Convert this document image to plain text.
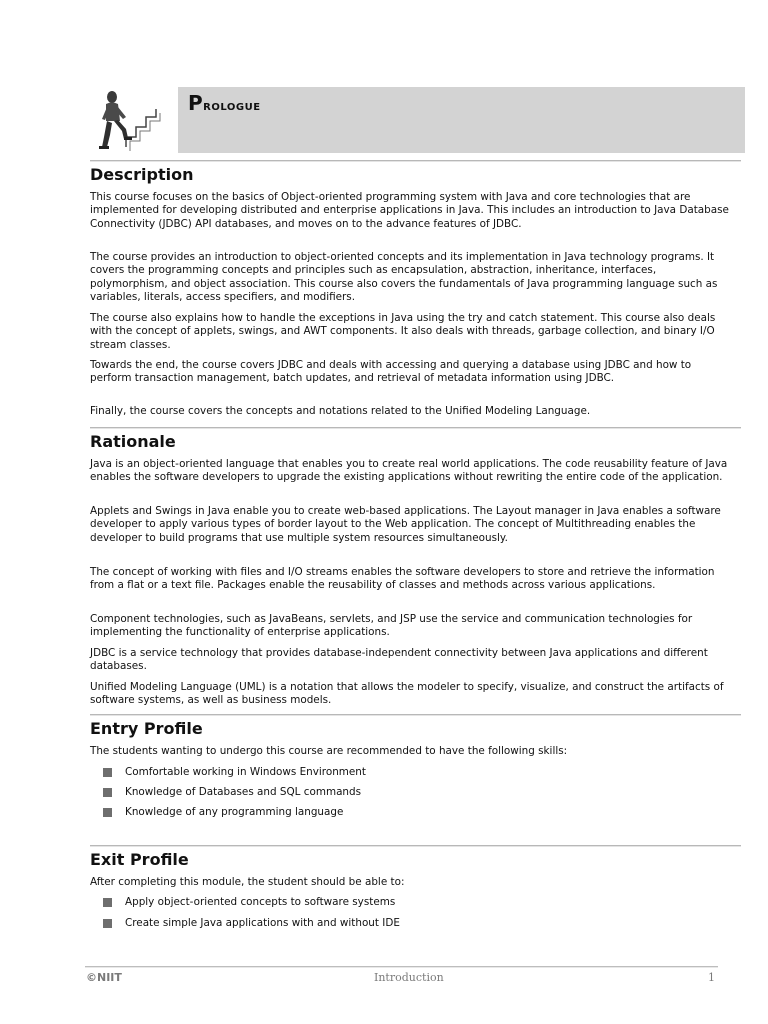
Prologue
Description

This course focuses on the basics of Object-oriented programming system with Java and core technologies that are implemented for developing distributed and enterprise applications in Java. This includes an introduction to Java Database Connectivity (JDBC) API databases, and moves on to the advance features of JDBC.

The course provides an introduction to object-oriented concepts and its implementation in Java technology programs. It covers the programming concepts and principles such as encapsulation, abstraction, inheritance, interfaces, polymorphism, and object association. This course also covers the fundamentals of Java programming language such as variables, literals, access specifiers, and modifiers.

The course also explains how to handle the exceptions in Java using the try and catch statement. This course also deals with the concept of applets, swings, and AWT components. It also deals with threads, garbage collection, and binary I/O stream classes.

Towards the end, the course covers JDBC and deals with accessing and querying a database using JDBC and how to perform transaction management, batch updates, and retrieval of metadata information using JDBC.

Finally, the course covers the concepts and notations related to the Unified Modeling Language.

Rationale

Java is an object-oriented language that enables you to create real world applications. The code reusability feature of Java enables the software developers to upgrade the existing applications without rewriting the entire code of the application.

Applets and Swings in Java enable you to create web-based applications. The Layout manager in Java enables a software developer to apply various types of border layout to the Web application. The concept of Multithreading enables the developer to build programs that use multiple system resources simultaneously.

The concept of working with files and I/O streams enables the software developers to store and retrieve the information from a flat or a text file. Packages enable the reusability of classes and methods across various applications.

Component technologies, such as JavaBeans, servlets, and JSP use the service and communication technologies for implementing the functionality of enterprise applications.

JDBC is a service technology that provides database-independent connectivity between Java applications and different databases.

Unified Modeling Language (UML) is a notation that allows the modeler to specify, visualize, and construct the artifacts of software systems, as well as business models.

Entry Profile

The students wanting to undergo this course are recommended to have the following skills:

Comfortable working in Windows Environment
Knowledge of Databases and SQL commands
Knowledge of any programming language
Exit Profile

After completing this module, the student should be able to:

Apply object-oriented concepts to software systems
Create simple Java applications with and without IDE
©NIIT	Introduction	1
